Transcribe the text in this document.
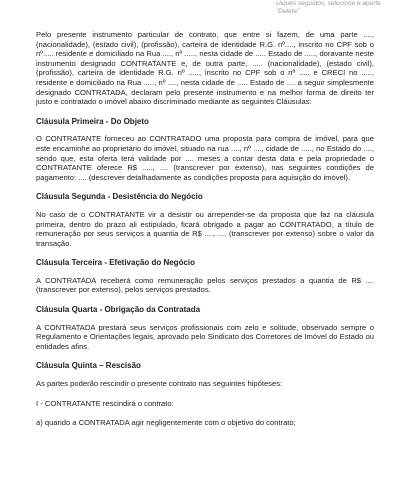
cliques seguidos, selecione e aperte "Delete"

Pelo presente instrumento particular de contrato, que entre si fazem, de uma parte ...., (nacionalidade), (estado civil), (profissão), carteira de identidade R.G. nº...., inscrito no CPF sob o nº..... residente e domiciliado na Rua ...., nº ....., nesta cidade de ..... Estado de ....., doravante neste instrumento designado CONTRATANTE e, de outra parte, ..... (nacionalidade), (estado civil), (profissão), carteira de identidade R.G. nº ....., inscrito no CPF sob o nº ..... e CRECI no ....., residente e domiciliado na Rua ....., nº ...., nesta cidade de ..... Estado de .... a seguir simplesmente designado CONTRATADA, declaram pelo presente instrumento e na melhor forma de direito ter justo e contratado o imóvel abaixo discriminado mediante as seguintes Cláusulas:

Cláusula Primeira - Do Objeto

O CONTRATANTE forneceu ao CONTRATADO uma proposta para compra de imóvel, para que este encaminhe ao proprietário do imóvel, situado na rua ...., nº ...., cidade de ....., no Estado do ...., sendo que, esta oferta terá validade por .... meses a contar desta data e pela propriedade o CONTRATANTE oferece R$ ....., .... (transcrever por extenso), nas seguintes condições de pagamento: .... (descrever detalhadamente as condições proposta para aquisição do imóvel).

Cláusula Segunda - Desistência do Negócio

No caso de o CONTRATANTE vir a desistir ou arrepender-se da proposta que faz na cláusula primeira, dentro do prazo ali estipulado, ficará obrigado a pagar ao CONTRATADO, a título de remuneração por seus serviços a quantia de R$ ...., .... (transcrever por extenso) sobre o valor da transação.

Cláusula Terceira - Efetivação do Negócio

A CONTRATADA receberá como remuneração pelos serviços prestados a quantia de R$ .... (transcrever por extenso), pelos serviços prestados.

Cláusula Quarta - Obrigação da Contratada

A CONTRATADA prestará seus serviços profissionais com zelo e solitude, observado sempre o Regulamento e Orientações legais, aprovado pelo Sindicato dos Corretores de Imóvel do Estado ou entidades afins.

Cláusula Quinta – Rescisão

As partes poderão rescindir o presente contrato nas seguintes hipóteses:

I - CONTRATANTE rescindirá o contrato:

a) quando a CONTRATADA agir negligentemente com o objetivo do contrato;
